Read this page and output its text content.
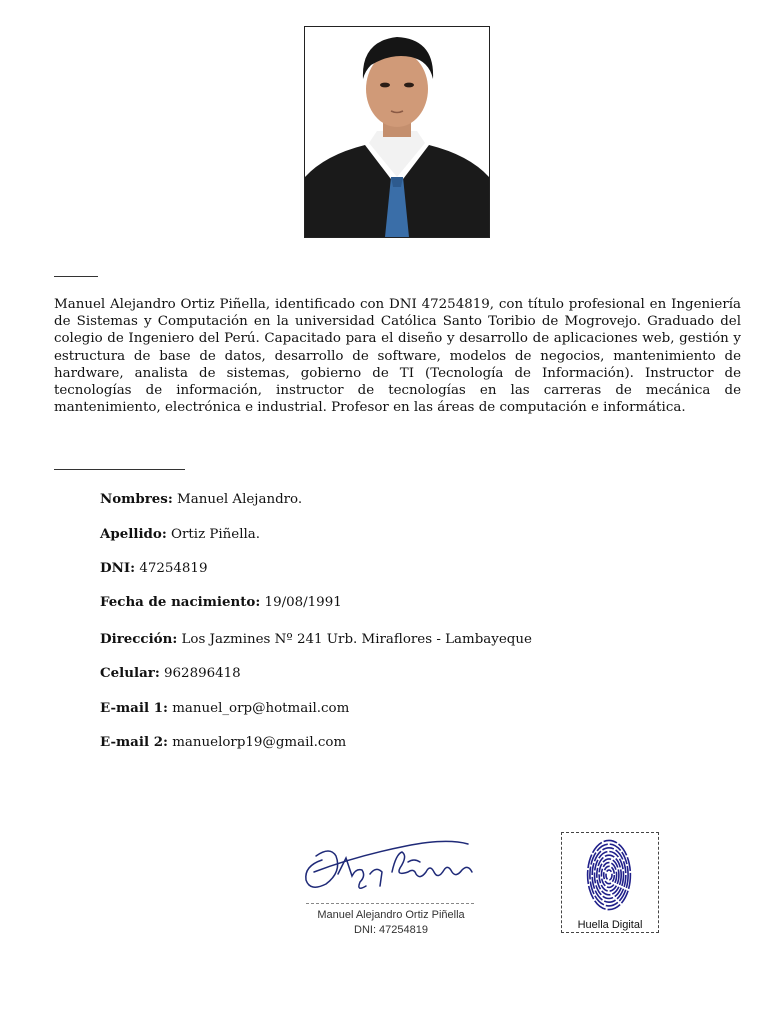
Manuel Alejandro Ortiz Piñella, identificado con DNI 47254819, con título profesional en Ingeniería de Sistemas y Computación en la universidad Católica Santo Toribio de Mogrovejo. Graduado del colegio de Ingeniero del Perú. Capacitado para el diseño y desarrollo de aplicaciones web, gestión y estructura de base de datos, desarrollo de software, modelos de negocios, mantenimiento de hardware, analista de sistemas, gobierno de TI (Tecnología de Información). Instructor de tecnologías de información, instructor de tecnologías en las carreras de mecánica de mantenimiento, electrónica e industrial. Profesor en las áreas de computación e informática.

Nombres: Manuel Alejandro.
Apellido: Ortiz Piñella.
DNI: 47254819
Fecha de nacimiento: 19/08/1991
Dirección: Los Jazmines Nº 241 Urb. Miraflores - Lambayeque
Celular: 962896418
E-mail 1: manuel_orp@hotmail.com
E-mail 2: manuelorp19@gmail.com
Manuel Alejandro Ortiz Piñella
DNI: 47254819	Huella Digital
